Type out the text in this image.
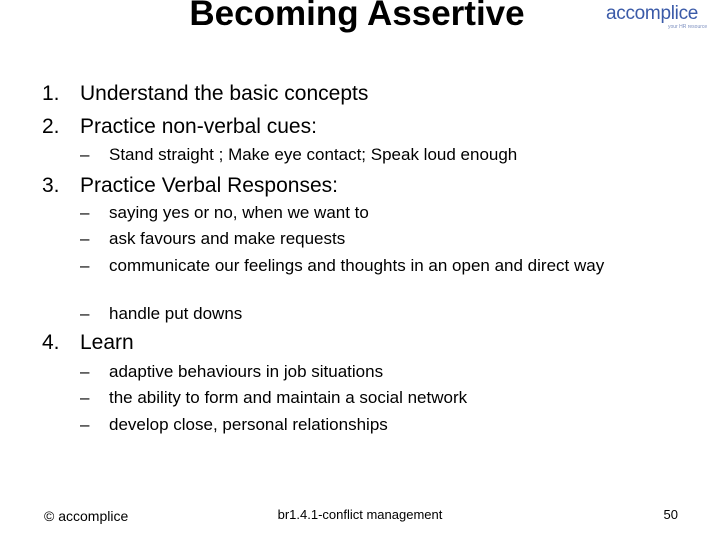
Becoming Assertive	accomplice
your HR resource
1. Understand the basic concepts
2. Practice non-verbal cues:
– Stand straight ; Make eye contact; Speak loud enough
3. Practice Verbal Responses:
– saying yes or no, when we want to
– ask favours and make requests
– communicate our feelings and thoughts in an open and direct way
– handle put downs
4. Learn
– adaptive behaviours in job situations
– the ability to form and maintain a social network
– develop close, personal relationships
© accomplice	br1.4.1-conflict management	50
